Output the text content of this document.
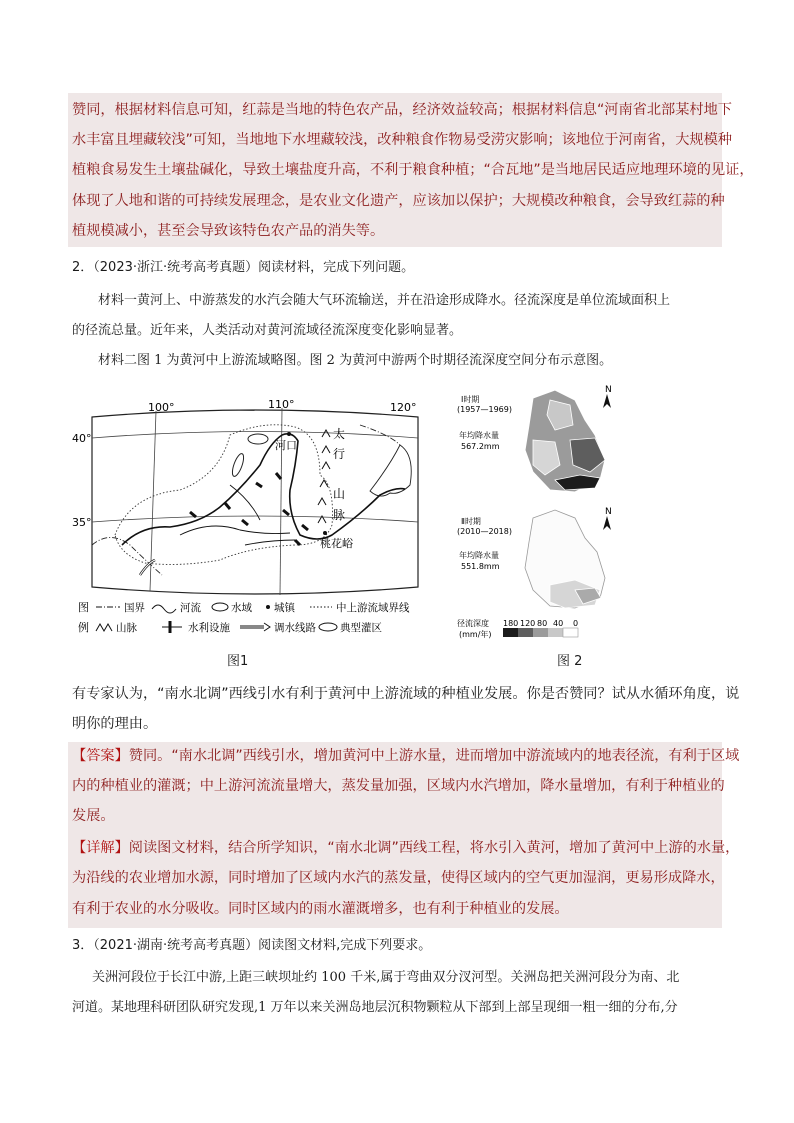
赞同，根据材料信息可知，红蒜是当地的特色农产品，经济效益较高；根据材料信息“河南省北部某村地下
水丰富且埋藏较浅”可知，当地地下水埋藏较浅，改种粮食作物易受涝灾影响；该地位于河南省，大规模种
植粮食易发生土壤盐碱化，导致土壤盐度升高，不利于粮食种植；“合瓦地”是当地居民适应地理环境的见证，
体现了人地和谐的可持续发展理念，是农业文化遗产，应该加以保护；大规模改种粮食，会导致红蒜的种
植规模减小，甚至会导致该特色农产品的消失等。
2．（2023·浙江·统考高考真题）阅读材料，完成下列问题。
材料一黄河上、中游蒸发的水汽会随大气环流输送，并在沿途形成降水。径流深度是单位流域面积上
的径流总量。近年来，人类活动对黄河流域径流深度变化影响显著。
材料二图 1 为黄河中上游流域略图。图 2 为黄河中游两个时期径流深度空间分布示意图。
100°	110°	120°
40°
35°
太
行
山
脉
河口
桃花峪
图
例
国界	河流	水域 城镇	中上游流域界线
山脉	水利设施	调水线路 典型灌区
图1
Ⅰ时期
(1957—1969)
年均降水量
567.2mm
N
Ⅱ时期
(2010—2018)
年均降水量
551.8mm
N
径流深度
(mm/年)
180 120 80 40 0
图 2
有专家认为，“南水北调”西线引水有利于黄河中上游流域的种植业发展。你是否赞同？试从水循环角度，说
明你的理由。
【答案】赞同。“南水北调”西线引水，增加黄河中上游水量，进而增加中游流域内的地表径流，有利于区域
内的种植业的灌溉；中上游河流流量增大，蒸发量加强，区域内水汽增加，降水量增加，有利于种植业的
发展。
【详解】阅读图文材料，结合所学知识，“南水北调”西线工程，将水引入黄河，增加了黄河中上游的水量，
为沿线的农业增加水源，同时增加了区域内水汽的蒸发量，使得区域内的空气更加湿润，更易形成降水，
有利于农业的水分吸收。同时区域内的雨水灌溉增多，也有利于种植业的发展。
3．（2021·湖南·统考高考真题）阅读图文材料,完成下列要求。
关洲河段位于长江中游,上距三峡坝址约 100 千米,属于弯曲双分汊河型。关洲岛把关洲河段分为南、北
河道。某地理科研团队研究发现,1 万年以来关洲岛地层沉积物颗粒从下部到上部呈现细一粗一细的分布,分
